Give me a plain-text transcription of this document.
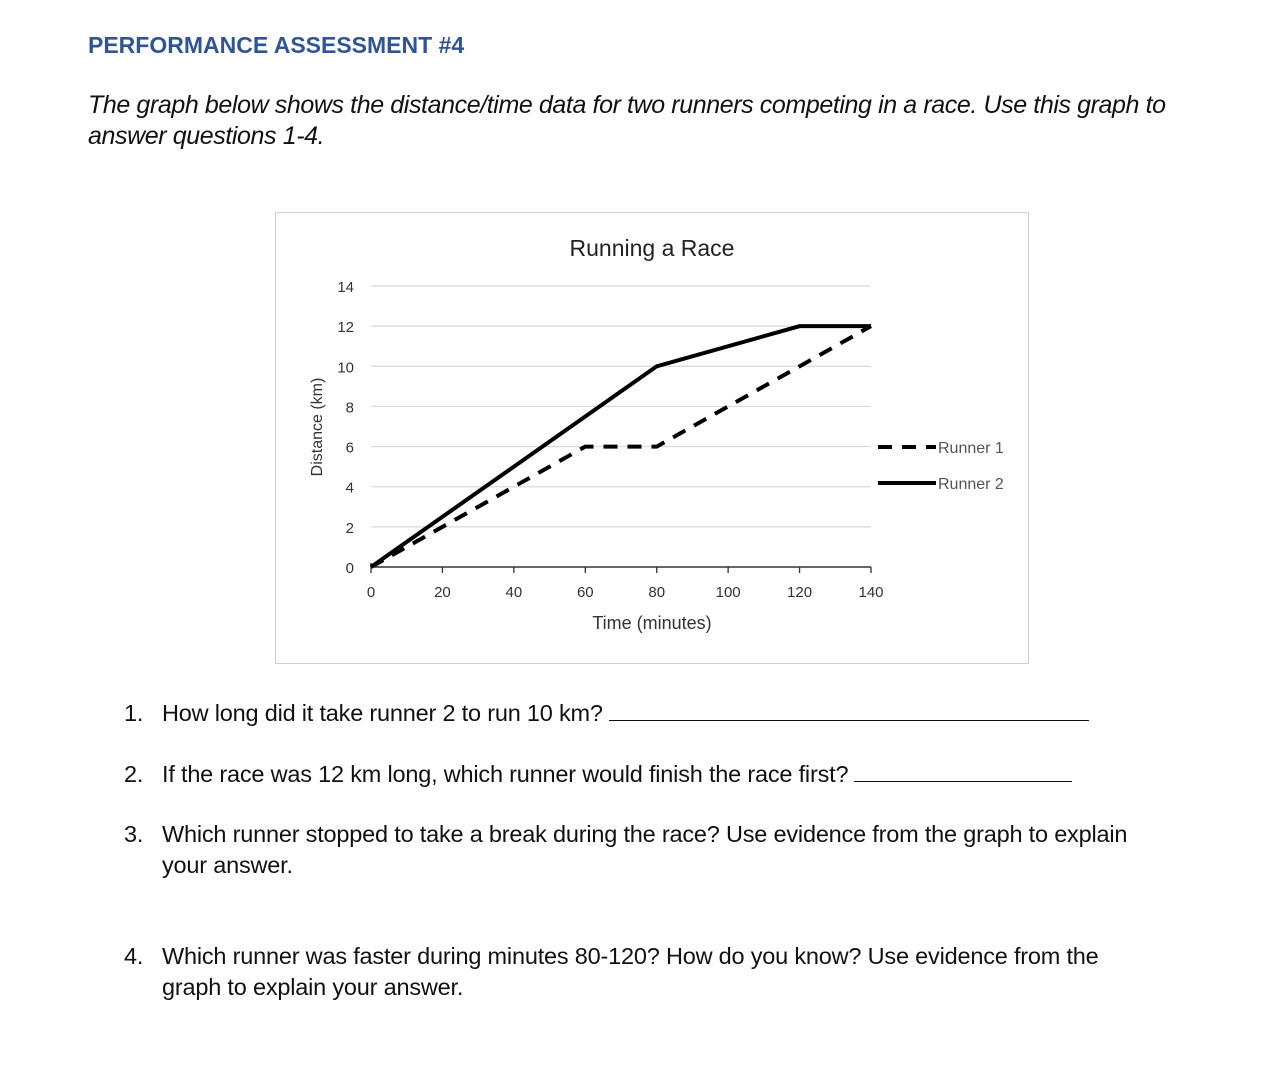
PERFORMANCE ASSESSMENT #4
The graph below shows the distance/time data for two runners competing in a race. Use this graph to answer questions 1-4.
Running a Race
Time (minutes)
Distance (km)
0
2
4
6
8
10
12
14
0	20	40	60	80	100	120	140
Runner 1
Runner 2
1. How long did it take runner 2 to run 10 km?
2. If the race was 12 km long, which runner would finish the race first?
3. Which runner stopped to take a break during the race? Use evidence from the graph to explain
your answer.
4. Which runner was faster during minutes 80-120? How do you know? Use evidence from the
graph to explain your answer.
